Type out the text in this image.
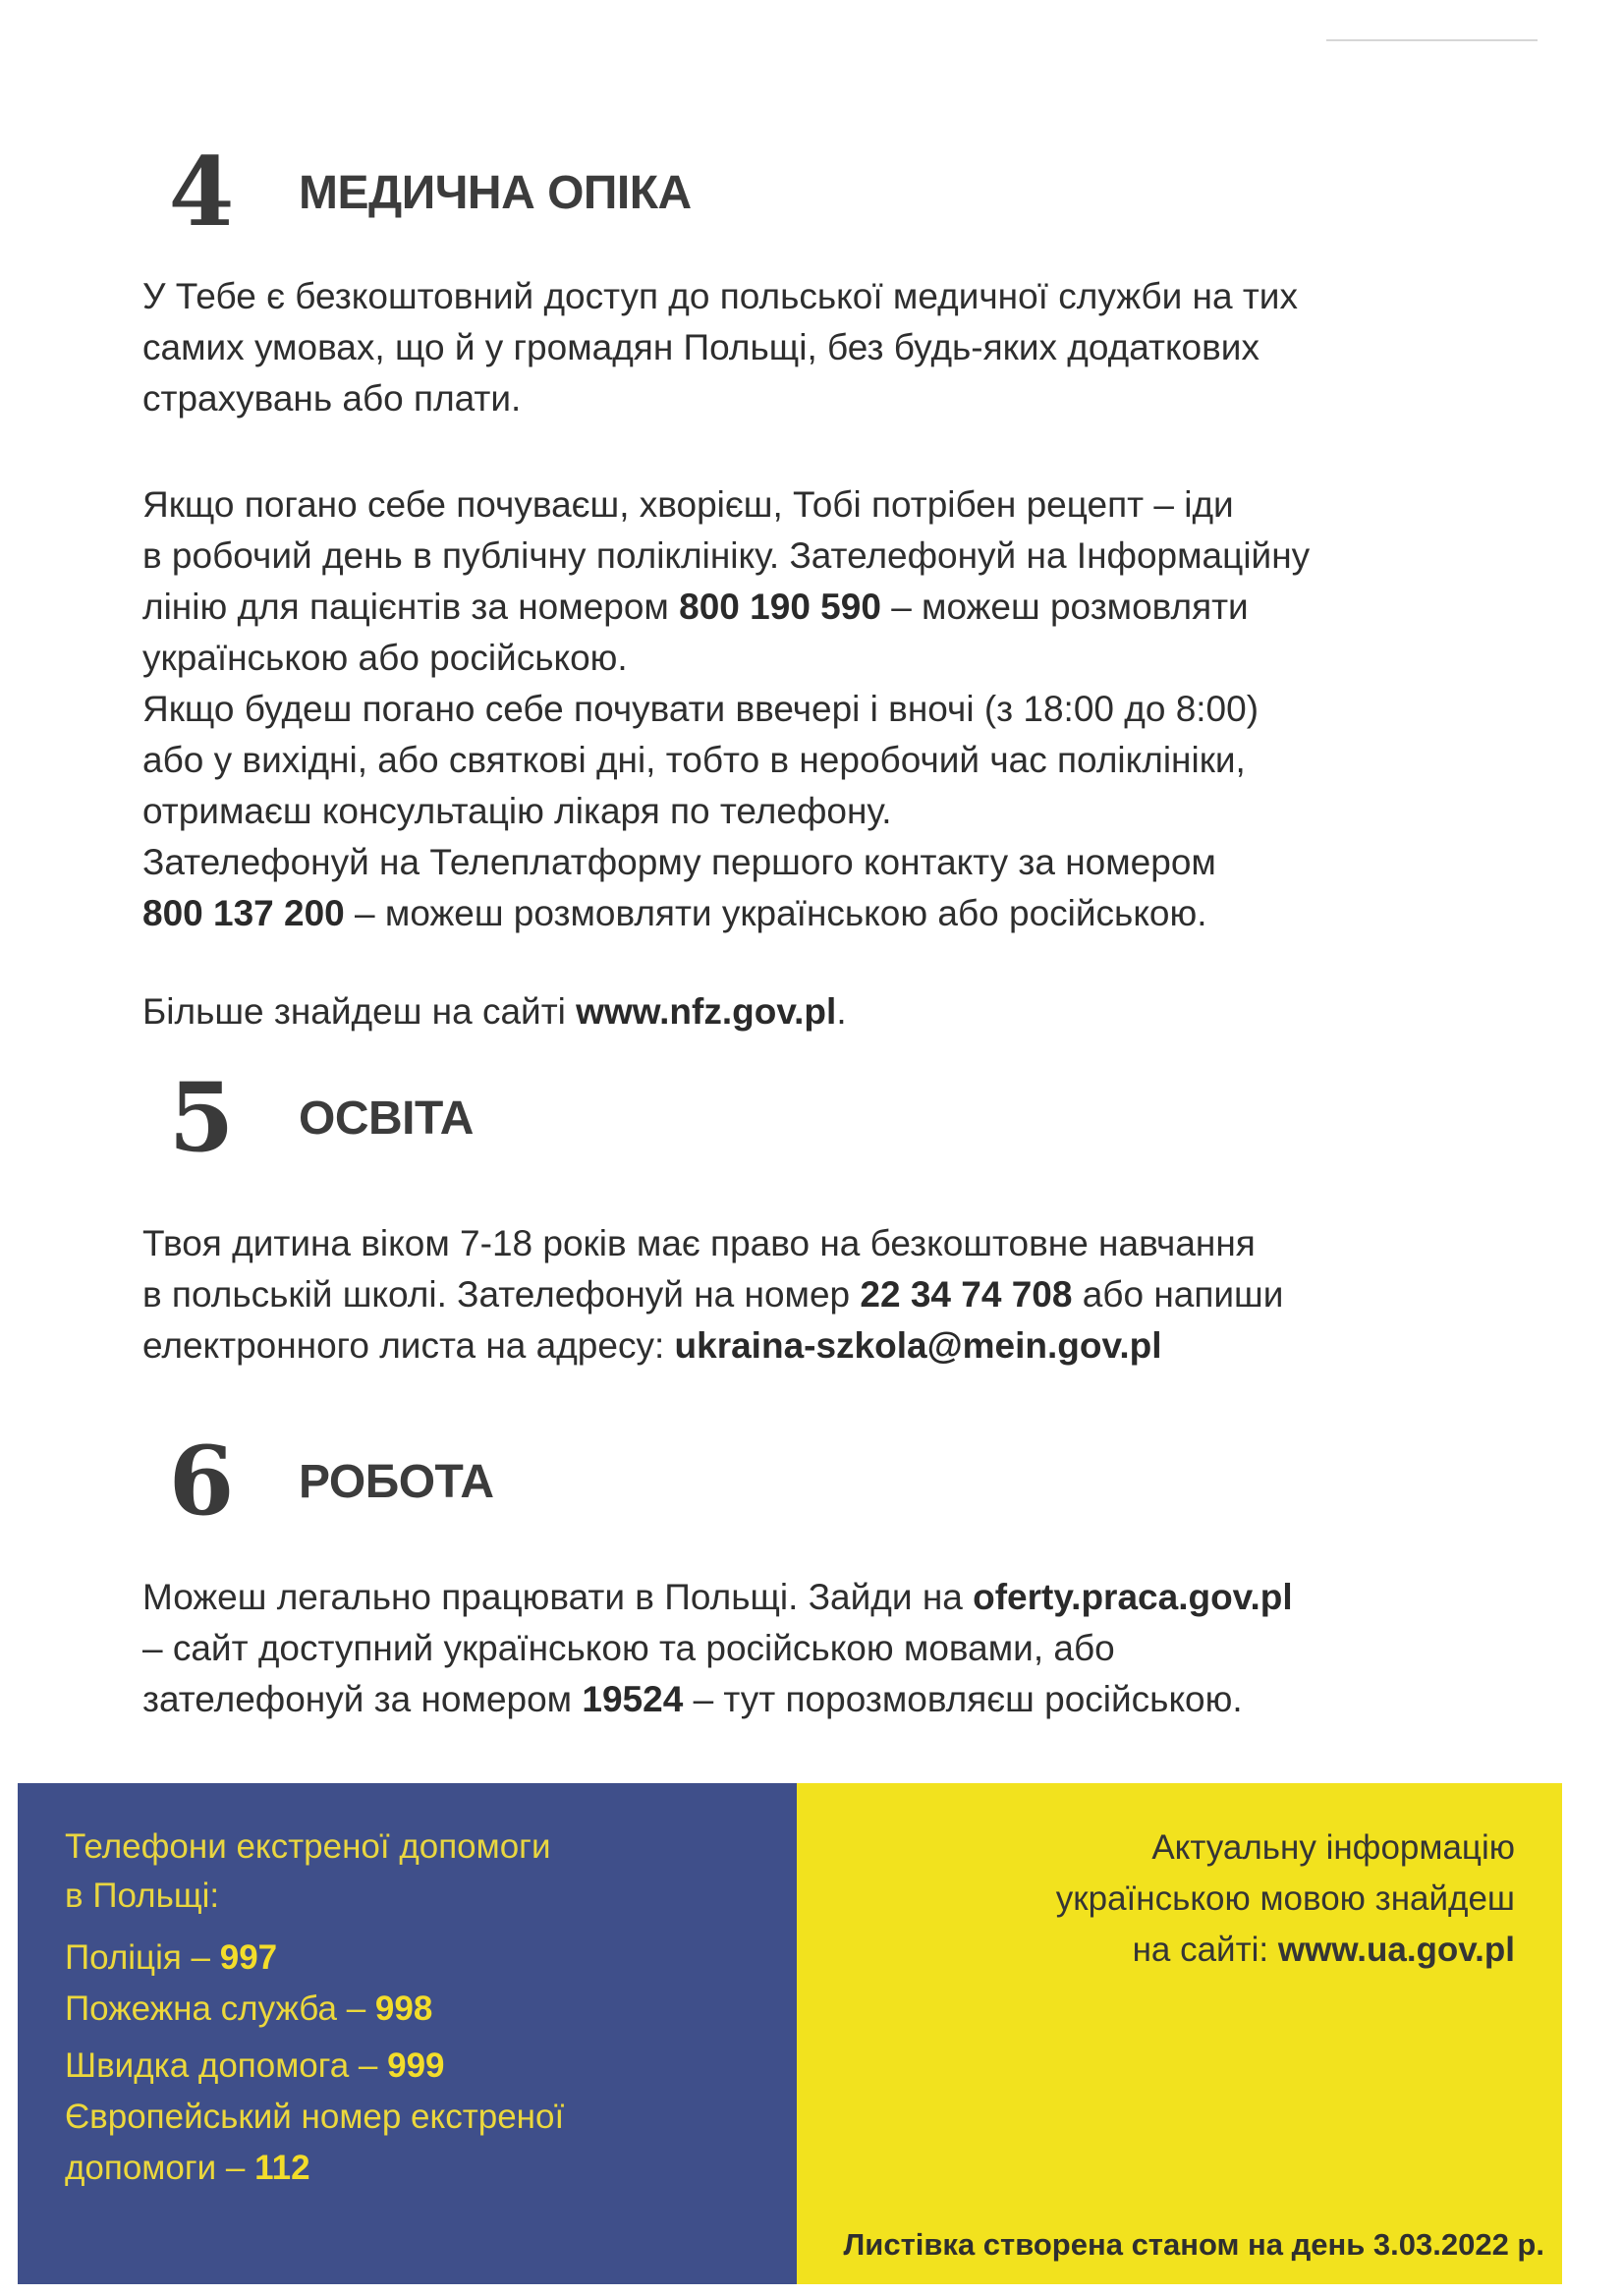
4	МЕДИЧНА ОПІКА

У Тебе є безкоштовний доступ до польської медичної служби на тих
самих умовах, що й у громадян Польщі, без будь-яких додаткових
страхувань або плати.

Якщо погано себе почуваєш, хворієш, Тобі потрібен рецепт – іди
в робочий день в публічну поліклініку. Зателефонуй на Інформаційну
лінію для пацієнтів за номером 800 190 590 – можеш розмовляти
українською або російською.
Якщо будеш погано себе почувати ввечері і вночі (з 18:00 до 8:00)
або у вихідні, або святкові дні, тобто в неробочий час поліклініки,
отримаєш консультацію лікаря по телефону.
Зателефонуй на Телеплатформу першого контакту за номером
800 137 200 – можеш розмовляти українською або російською.

Більше знайдеш на сайті www.nfz.gov.pl.

5	ОСВІТА

Твоя дитина віком 7-18 років має право на безкоштовне навчання
в польській школі. Зателефонуй на номер 22 34 74 708 або напиши
електронного листа на адресу: ukraina-szkola@mein.gov.pl

6	РОБОТА

Можеш легально працювати в Польщі. Зайди на oferty.praca.gov.pl
– сайт доступний українською та російською мовами, або
зателефонуй за номером 19524 – тут порозмовляєш російською.

Телефони екстреної допомоги
в Польщі:

Поліція – 997
Пожежна служба – 998
Швидка допомога – 999
Європейський номер екстреної
допомоги – 112

Актуальну інформацію
українською мовою знайдеш
на сайті: www.ua.gov.pl

Листівка створена станом на день 3.03.2022 р.
